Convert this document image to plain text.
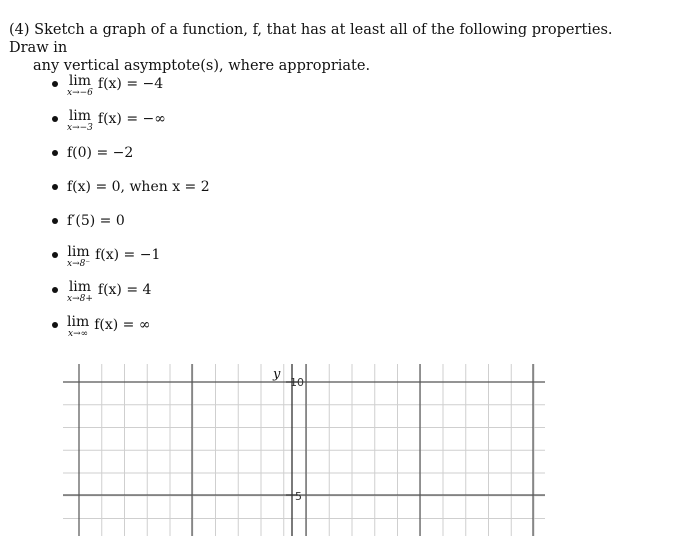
(4) Sketch a graph of a function, f, that has at least all of the following properties. Draw in
any vertical asymptote(s), where appropriate.
lim
x→−6
f(x) = −4
lim
x→−3
f(x) = −∞
f(0) = −2
f(x) = 0, when x = 2
f′(5) = 0
lim
x→8⁻
f(x) = −1
lim
x→8+
f(x) = 4
lim
x→∞
f(x) = ∞
y
10
5
